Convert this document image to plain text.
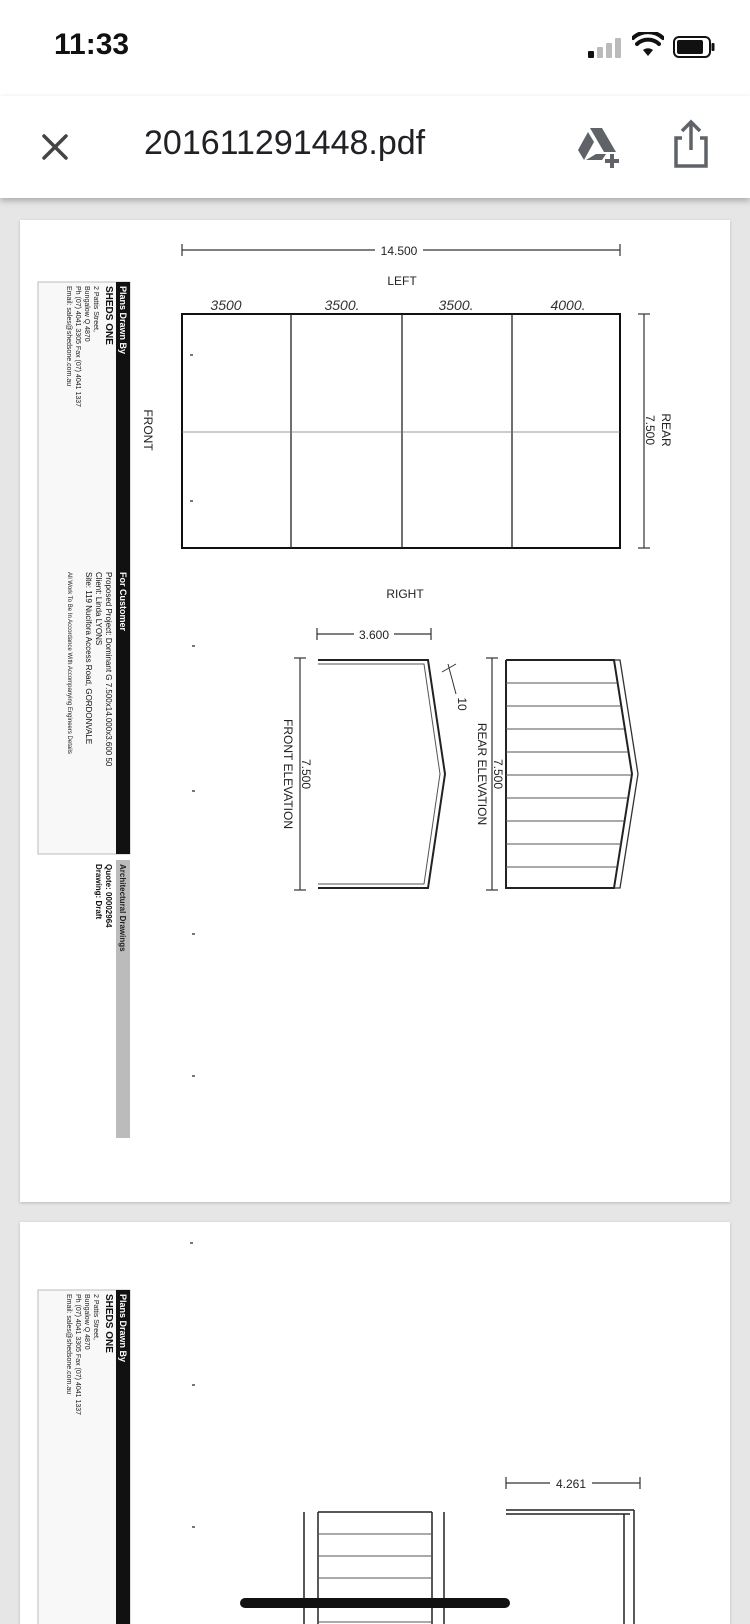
11:33
201611291448.pdf
14.500
LEFT
3500	3500.	3500.	4000.
7.500 REAR
FRONT
RIGHT
3.600
7.500
FRONT ELEVATION
10
7.500
REAR ELEVATION
Plans Drawn By
For Customer
SHEDS ONE
2 Pattis Street,
Bungalow Q 4870
Ph (07) 4041 3305 Fax (07) 4041 1337
Email: sales@shedsone.com.au
Proposed Project: Dominant G 7.500x14.000x3.600 50
Client: Linda LYONS
Site: 119 Nucifora Access Road, GORDONVALE
All Work To Be In Accordance With Accompanying Engineers Details
Architectural Drawings
Quote: 00002964
Drawing: Draft
Plans Drawn By
SHEDS ONE
2 Pattis Street,
Bungalow Q 4870
Ph (07) 4041 3305 Fax (07) 4041 1337
Email: sales@shedsone.com.au
4.261
